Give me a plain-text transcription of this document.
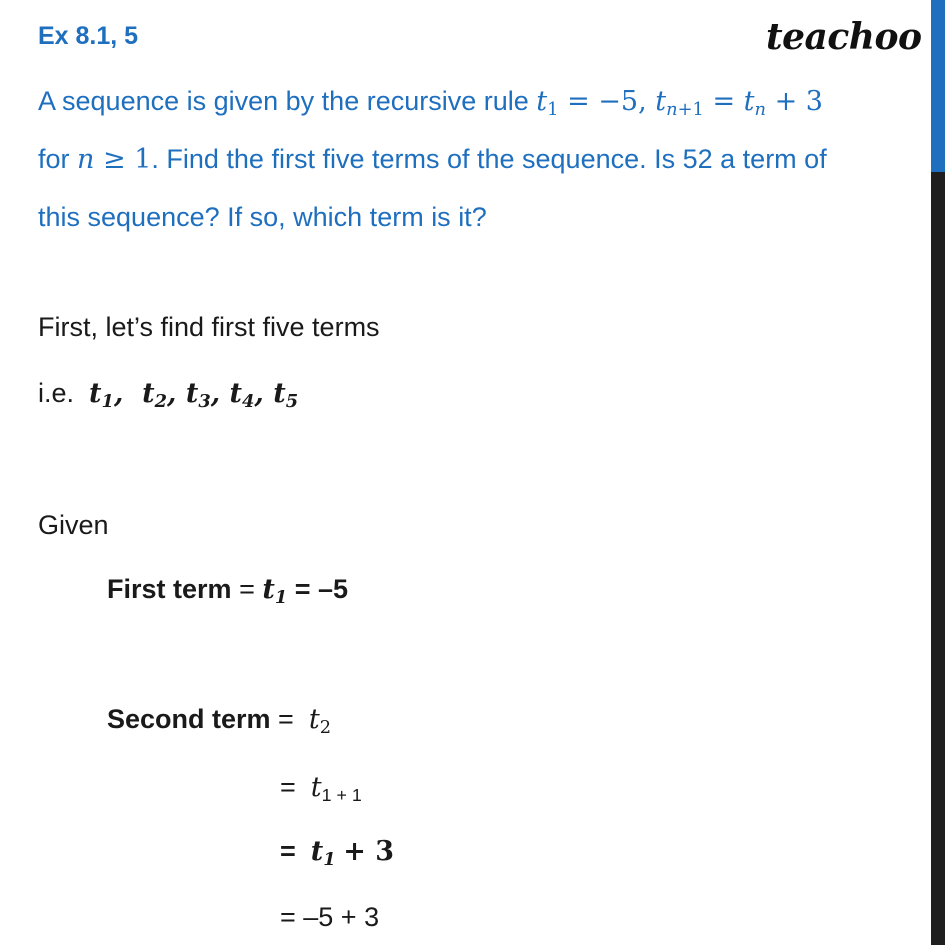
Ex 8.1, 5	teachoo
A sequence is given by the recursive rule $t_1 = -5$, $t_{n+1} = t_n + 3$
for n ≥ 1. Find the first five terms of the sequence. Is 52 a term of
this sequence? If so, which term is it?
First, let’s find first five terms
i.e. $t_1$,  $t_2$, $t_3$, $t_4$, $t_5$
Given
First term = $t_1 = -5$
Second term =  $t_2$
=  $t_{1 + 1}$
=  $t_1 + 3$
= –5 + 3
